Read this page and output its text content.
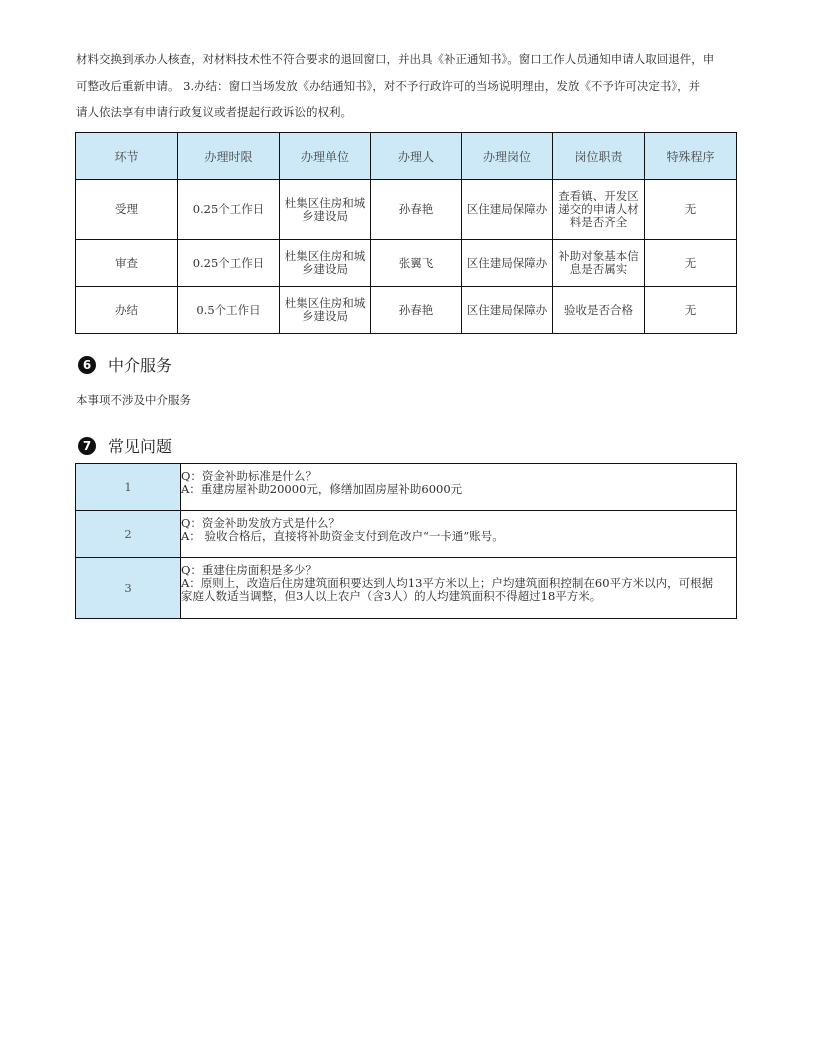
材料交换到承办人核查，对材料技术性不符合要求的退回窗口，并出具《补正通知书》。窗口工作人员通知申请人取回退件，申
可整改后重新申请。 3.办结：窗口当场发放《办结通知书》，对不予行政许可的当场说明理由，发放《不予许可决定书》，并
请人依法享有申请行政复议或者提起行政诉讼的权利。
环节	办理时限	办理单位	办理人	办理岗位	岗位职责	特殊程序
受理	0.25个工作日	杜集区住房和城乡建设局	孙春艳	区住建局保障办	查看镇、开发区递交的申请人材料是否齐全	无
审查	0.25个工作日	杜集区住房和城乡建设局	张翼飞	区住建局保障办	补助对象基本信息是否属实	无
办结	0.5个工作日	杜集区住房和城乡建设局	孙春艳	区住建局保障办	验收是否合格	无
6	中介服务
本事项不涉及中介服务
7	常见问题
1	Q：资金补助标准是什么？
A：重建房屋补助20000元，修缮加固房屋补助6000元

2	Q：资金补助发放方式是什么？
A： 验收合格后，直接将补助资金支付到危改户“一卡通”账号。

3	Q：重建住房面积是多少？
A：原则上，改造后住房建筑面积要达到人均13平方米以上；户均建筑面积控制在60平方米以内，可根据
家庭人数适当调整，但3人以上农户（含3人）的人均建筑面积不得超过18平方米。
